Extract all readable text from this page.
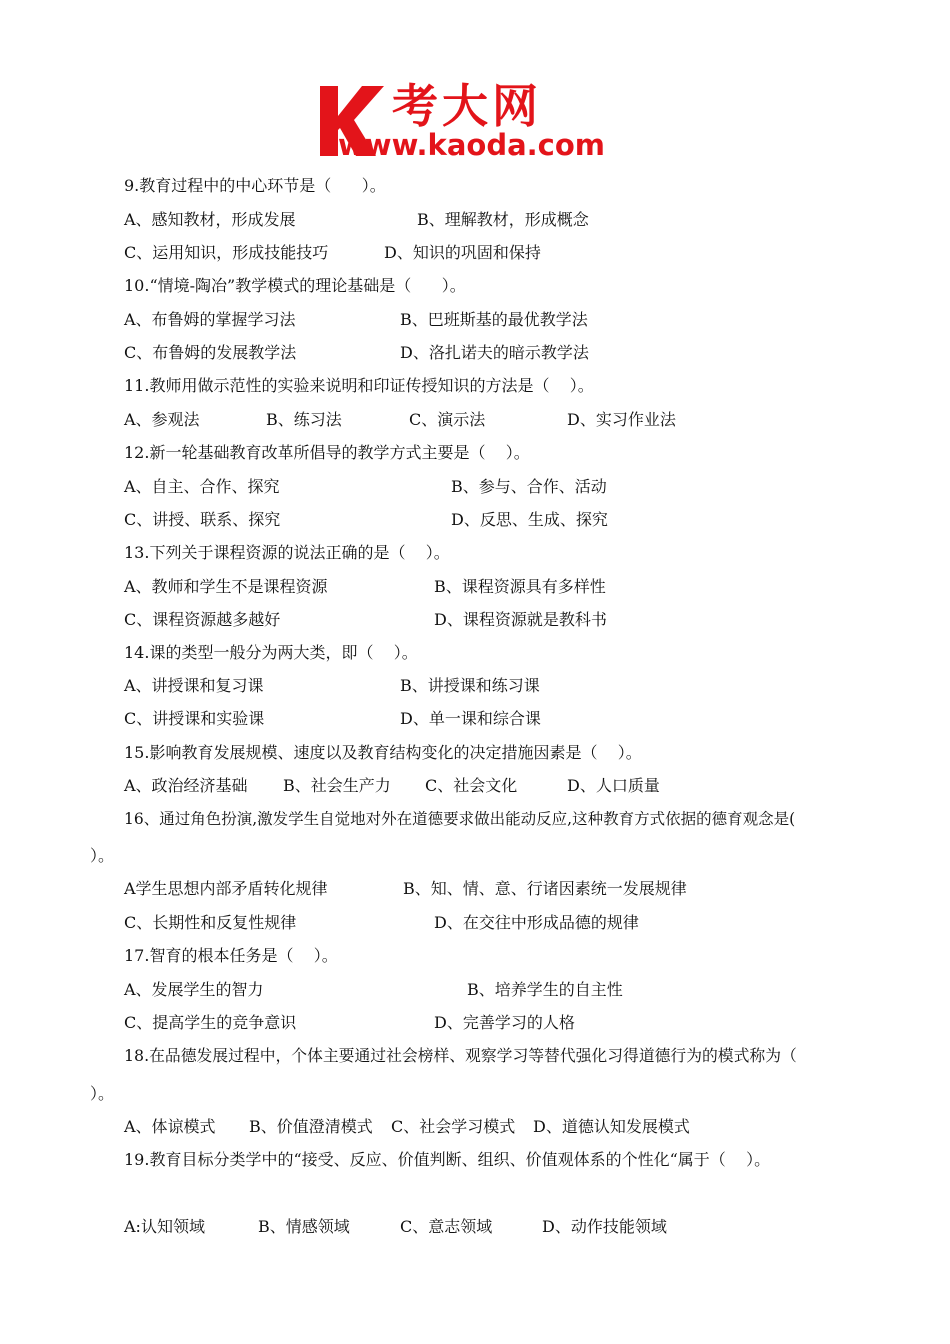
考大网
www.kaoda.com
9.教育过程中的中心环节是（      ）。
A、感知教材，形成发展	B、理解教材，形成概念
C、运用知识，形成技能技巧	D、知识的巩固和保持
10.“情境-陶冶”教学模式的理论基础是（      ）。
A、布鲁姆的掌握学习法	B、巴班斯基的最优教学法
C、布鲁姆的发展教学法	D、洛扎诺夫的暗示教学法
11.教师用做示范性的实验来说明和印证传授知识的方法是（    ）。
A、参观法	B、练习法	C、演示法	D、实习作业法
12.新一轮基础教育改革所倡导的教学方式主要是（    ）。
A、自主、合作、探究	B、参与、合作、活动
C、讲授、联系、探究	D、反思、生成、探究
13.下列关于课程资源的说法正确的是（    ）。
A、教师和学生不是课程资源	B、课程资源具有多样性
C、课程资源越多越好	D、课程资源就是教科书
14.课的类型一般分为两大类，即（    ）。
A、讲授课和复习课	B、讲授课和练习课
C、讲授课和实验课	D、单一课和综合课
15.影响教育发展规模、速度以及教育结构变化的决定措施因素是（    ）。
A、政治经济基础 B、社会生产力 C、社会文化	D、人口质量
16、通过角色扮演,激发学生自觉地对外在道德要求做出能动反应,这种教育方式依据的德育观念是(
）。
A学生思想内部矛盾转化规律	B、知、情、意、行诸因素统一发展规律
C、长期性和反复性规律	D、在交往中形成品德的规律
17.智育的根本任务是（    ）。
A、发展学生的智力	B、培养学生的自主性
C、提高学生的竞争意识	D、完善学习的人格
18.在品德发展过程中，个体主要通过社会榜样、观察学习等替代强化习得道德行为的模式称为（
）。
A、体谅模式 B、价值澄清模式 C、社会学习模式 D、道德认知发展模式
19.教育目标分类学中的“接受、反应、价值判断、组织、价值观体系的个性化“属于（    ）。
A:认知领域	B、情感领域	C、意志领域	D、动作技能领域
